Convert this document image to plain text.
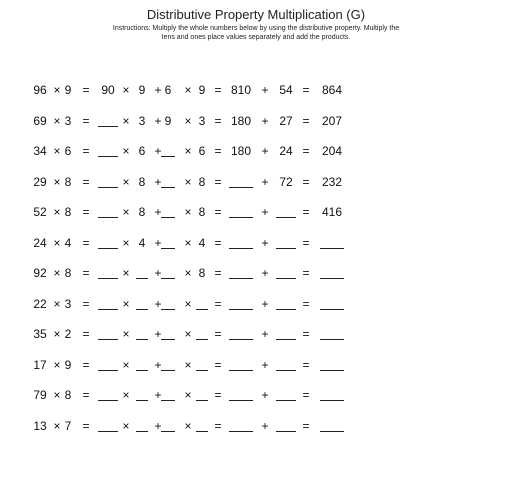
Distributive Property Multiplication (G)
Instructions: Multiply the whole numbers below by using the distributive property. Multiply the
tens and ones place values separately and add the products.
96 × 9 = 90 × 9 + 6	× 9 = 810 + 54 = 864
69 × 3 =	× 3 + 9	× 3 = 180 + 27 = 207
34 × 6 =	× 6 + × 6 = 180 + 24 = 204
29 × 8 =	× 8 + × 8 =	+ 72 = 232
52 × 8 =	× 8 + × 8 =	+	= 416
24 × 4 =	× 4 + × 4 =	+	=
92 × 8 =	× + × 8 =	+	=
22 × 3 =	× + × =	+	=
35 × 2 =	× + × =	+	=
17 × 9 =	× + × =	+	=
79 × 8 =	× + × =	+	=
13 × 7 =	× + × =	+	=
